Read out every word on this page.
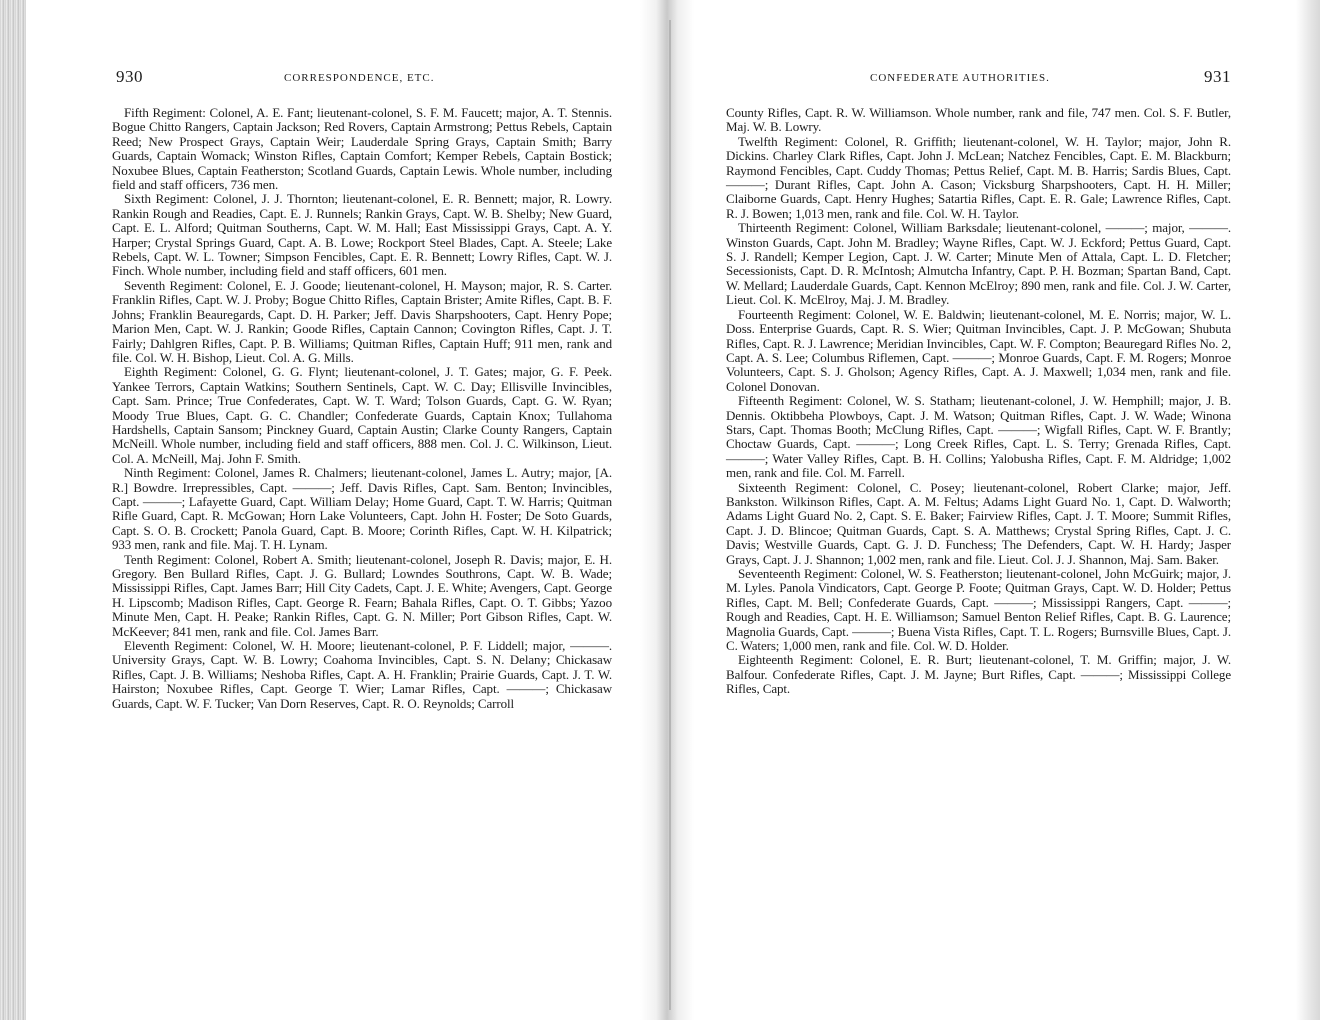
930	CORRESPONDENCE, ETC.

Fifth Regiment: Colonel, A. E. Fant; lieutenant-colonel, S. F. M. Faucett; major, A. T. Stennis. Bogue Chitto Rangers, Captain Jackson; Red Rovers, Captain Armstrong; Pettus Rebels, Captain Reed; New Prospect Grays, Captain Weir; Lauderdale Spring Grays, Captain Smith; Barry Guards, Captain Womack; Winston Rifles, Captain Comfort; Kemper Rebels, Captain Bostick; Noxubee Blues, Captain Featherston; Scotland Guards, Captain Lewis. Whole number, including field and staff officers, 736 men.

Sixth Regiment: Colonel, J. J. Thornton; lieutenant-colonel, E. R. Bennett; major, R. Lowry. Rankin Rough and Readies, Capt. E. J. Runnels; Rankin Grays, Capt. W. B. Shelby; New Guard, Capt. E. L. Alford; Quitman Southerns, Capt. W. M. Hall; East Mississippi Grays, Capt. A. Y. Harper; Crystal Springs Guard, Capt. A. B. Lowe; Rockport Steel Blades, Capt. A. Steele; Lake Rebels, Capt. W. L. Towner; Simpson Fencibles, Capt. E. R. Bennett; Lowry Rifles, Capt. W. J. Finch. Whole number, including field and staff officers, 601 men.

Seventh Regiment: Colonel, E. J. Goode; lieutenant-colonel, H. Mayson; major, R. S. Carter. Franklin Rifles, Capt. W. J. Proby; Bogue Chitto Rifles, Captain Brister; Amite Rifles, Capt. B. F. Johns; Franklin Beauregards, Capt. D. H. Parker; Jeff. Davis Sharpshooters, Capt. Henry Pope; Marion Men, Capt. W. J. Rankin; Goode Rifles, Captain Cannon; Covington Rifles, Capt. J. T. Fairly; Dahlgren Rifles, Capt. P. B. Williams; Quitman Rifles, Captain Huff; 911 men, rank and file. Col. W. H. Bishop, Lieut. Col. A. G. Mills.

Eighth Regiment: Colonel, G. G. Flynt; lieutenant-colonel, J. T. Gates; major, G. F. Peek. Yankee Terrors, Captain Watkins; Southern Sentinels, Capt. W. C. Day; Ellisville Invincibles, Capt. Sam. Prince; True Confederates, Capt. W. T. Ward; Tolson Guards, Capt. G. W. Ryan; Moody True Blues, Capt. G. C. Chandler; Confederate Guards, Captain Knox; Tullahoma Hardshells, Captain Sansom; Pinckney Guard, Captain Austin; Clarke County Rangers, Captain McNeill. Whole number, including field and staff officers, 888 men. Col. J. C. Wilkinson, Lieut. Col. A. McNeill, Maj. John F. Smith.

Ninth Regiment: Colonel, James R. Chalmers; lieutenant-colonel, James L. Autry; major, [A. R.] Bowdre. Irrepressibles, Capt. ———; Jeff. Davis Rifles, Capt. Sam. Benton; Invincibles, Capt. ———; Lafayette Guard, Capt. William Delay; Home Guard, Capt. T. W. Harris; Quitman Rifle Guard, Capt. R. McGowan; Horn Lake Volunteers, Capt. John H. Foster; De Soto Guards, Capt. S. O. B. Crockett; Panola Guard, Capt. B. Moore; Corinth Rifles, Capt. W. H. Kilpatrick; 933 men, rank and file. Maj. T. H. Lynam.

Tenth Regiment: Colonel, Robert A. Smith; lieutenant-colonel, Joseph R. Davis; major, E. H. Gregory. Ben Bullard Rifles, Capt. J. G. Bullard; Lowndes Southrons, Capt. W. B. Wade; Mississippi Rifles, Capt. James Barr; Hill City Cadets, Capt. J. E. White; Avengers, Capt. George H. Lipscomb; Madison Rifles, Capt. George R. Fearn; Bahala Rifles, Capt. O. T. Gibbs; Yazoo Minute Men, Capt. H. Peake; Rankin Rifles, Capt. G. N. Miller; Port Gibson Rifles, Capt. W. McKeever; 841 men, rank and file. Col. James Barr.

Eleventh Regiment: Colonel, W. H. Moore; lieutenant-colonel, P. F. Liddell; major, ———. University Grays, Capt. W. B. Lowry; Coahoma Invincibles, Capt. S. N. Delany; Chickasaw Rifles, Capt. J. B. Williams; Neshoba Rifles, Capt. A. H. Franklin; Prairie Guards, Capt. J. T. W. Hairston; Noxubee Rifles, Capt. George T. Wier; Lamar Rifles, Capt. ———; Chickasaw Guards, Capt. W. F. Tucker; Van Dorn Reserves, Capt. R. O. Reynolds; Carroll

CONFEDERATE AUTHORITIES.	931

County Rifles, Capt. R. W. Williamson. Whole number, rank and file, 747 men. Col. S. F. Butler, Maj. W. B. Lowry.

Twelfth Regiment: Colonel, R. Griffith; lieutenant-colonel, W. H. Taylor; major, John R. Dickins. Charley Clark Rifles, Capt. John J. McLean; Natchez Fencibles, Capt. E. M. Blackburn; Raymond Fencibles, Capt. Cuddy Thomas; Pettus Relief, Capt. M. B. Harris; Sardis Blues, Capt. ———; Durant Rifles, Capt. John A. Cason; Vicksburg Sharpshooters, Capt. H. H. Miller; Claiborne Guards, Capt. Henry Hughes; Satartia Rifles, Capt. E. R. Gale; Lawrence Rifles, Capt. R. J. Bowen; 1,013 men, rank and file. Col. W. H. Taylor.

Thirteenth Regiment: Colonel, William Barksdale; lieutenant-colonel, ———; major, ———. Winston Guards, Capt. John M. Bradley; Wayne Rifles, Capt. W. J. Eckford; Pettus Guard, Capt. S. J. Randell; Kemper Legion, Capt. J. W. Carter; Minute Men of Attala, Capt. L. D. Fletcher; Secessionists, Capt. D. R. McIntosh; Almutcha Infantry, Capt. P. H. Bozman; Spartan Band, Capt. W. Mellard; Lauderdale Guards, Capt. Kennon McElroy; 890 men, rank and file. Col. J. W. Carter, Lieut. Col. K. McElroy, Maj. J. M. Bradley.

Fourteenth Regiment: Colonel, W. E. Baldwin; lieutenant-colonel, M. E. Norris; major, W. L. Doss. Enterprise Guards, Capt. R. S. Wier; Quitman Invincibles, Capt. J. P. McGowan; Shubuta Rifles, Capt. R. J. Lawrence; Meridian Invincibles, Capt. W. F. Compton; Beauregard Rifles No. 2, Capt. A. S. Lee; Columbus Riflemen, Capt. ———; Monroe Guards, Capt. F. M. Rogers; Monroe Volunteers, Capt. S. J. Gholson; Agency Rifles, Capt. A. J. Maxwell; 1,034 men, rank and file. Colonel Donovan.

Fifteenth Regiment: Colonel, W. S. Statham; lieutenant-colonel, J. W. Hemphill; major, J. B. Dennis. Oktibbeha Plowboys, Capt. J. M. Watson; Quitman Rifles, Capt. J. W. Wade; Winona Stars, Capt. Thomas Booth; McClung Rifles, Capt. ———; Wigfall Rifles, Capt. W. F. Brantly; Choctaw Guards, Capt. ———; Long Creek Rifles, Capt. L. S. Terry; Grenada Rifles, Capt. ———; Water Valley Rifles, Capt. B. H. Collins; Yalobusha Rifles, Capt. F. M. Aldridge; 1,002 men, rank and file. Col. M. Farrell.

Sixteenth Regiment: Colonel, C. Posey; lieutenant-colonel, Robert Clarke; major, Jeff. Bankston. Wilkinson Rifles, Capt. A. M. Feltus; Adams Light Guard No. 1, Capt. D. Walworth; Adams Light Guard No. 2, Capt. S. E. Baker; Fairview Rifles, Capt. J. T. Moore; Summit Rifles, Capt. J. D. Blincoe; Quitman Guards, Capt. S. A. Matthews; Crystal Spring Rifles, Capt. J. C. Davis; Westville Guards, Capt. G. J. D. Funchess; The Defenders, Capt. W. H. Hardy; Jasper Grays, Capt. J. J. Shannon; 1,002 men, rank and file. Lieut. Col. J. J. Shannon, Maj. Sam. Baker.

Seventeenth Regiment: Colonel, W. S. Featherston; lieutenant-colonel, John McGuirk; major, J. M. Lyles. Panola Vindicators, Capt. George P. Foote; Quitman Grays, Capt. W. D. Holder; Pettus Rifles, Capt. M. Bell; Confederate Guards, Capt. ———; Mississippi Rangers, Capt. ———; Rough and Readies, Capt. H. E. Williamson; Samuel Benton Relief Rifles, Capt. B. G. Laurence; Magnolia Guards, Capt. ———; Buena Vista Rifles, Capt. T. L. Rogers; Burnsville Blues, Capt. J. C. Waters; 1,000 men, rank and file. Col. W. D. Holder.

Eighteenth Regiment: Colonel, E. R. Burt; lieutenant-colonel, T. M. Griffin; major, J. W. Balfour. Confederate Rifles, Capt. J. M. Jayne; Burt Rifles, Capt. ———; Mississippi College Rifles, Capt.
